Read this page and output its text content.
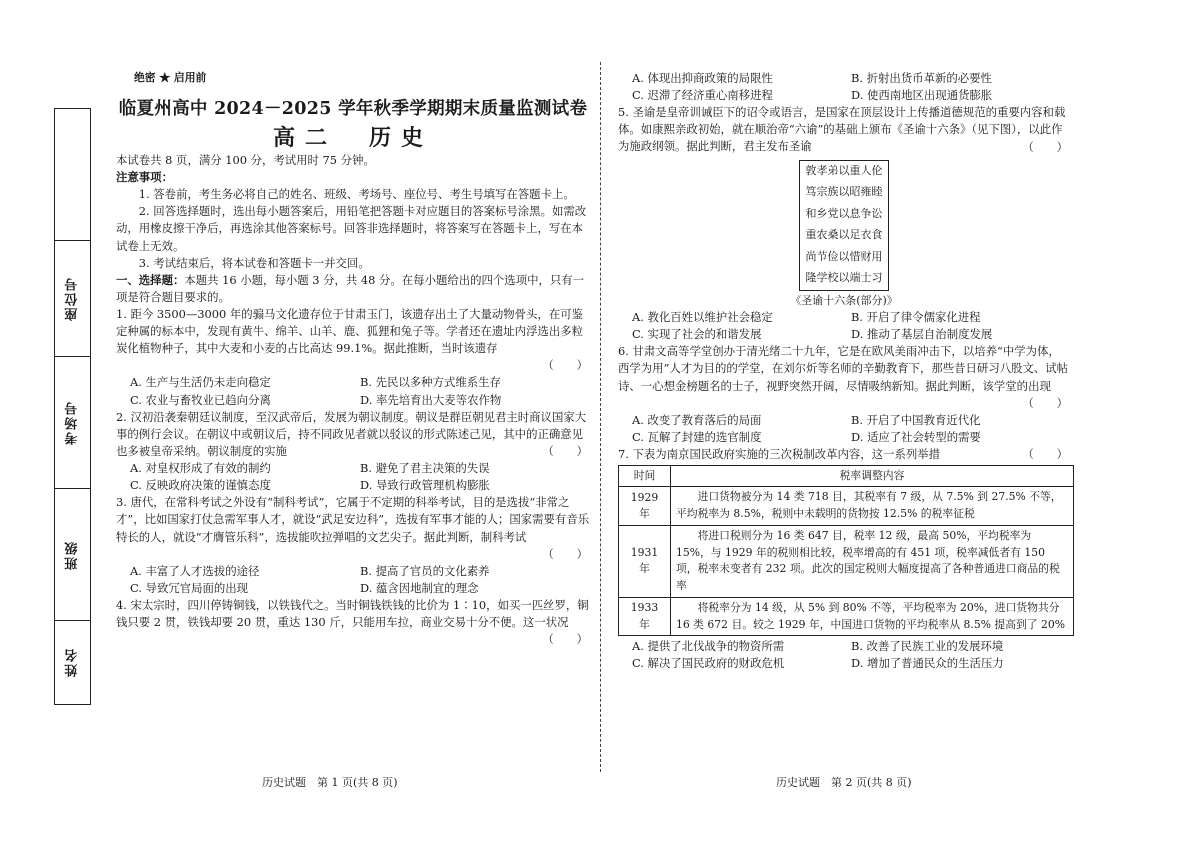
座位号
考场号
班级
姓名
绝密 ★ 启用前
临夏州高中 2024－2025 学年秋季学期期末质量监测试卷
高二　历史

本试卷共 8 页，满分 100 分，考试用时 75 分钟。

注意事项：

1. 答卷前，考生务必将自己的姓名、班级、考场号、座位号、考生号填写在答题卡上。

2. 回答选择题时，选出每小题答案后，用铅笔把答题卡对应题目的答案标号涂黑。如需改动，用橡皮擦干净后，再选涂其他答案标号。回答非选择题时，将答案写在答题卡上，写在本试卷上无效。

3. 考试结束后，将本试卷和答题卡一并交回。

一、选择题：本题共 16 小题，每小题 3 分，共 48 分。在每小题给出的四个选项中，只有一项是符合题目要求的。

1. 距今 3500—3000 年的骟马文化遗存位于甘肃玉门，该遗存出土了大量动物骨头，在可鉴定种属的标本中，发现有黄牛、绵羊、山羊、鹿、狐狸和兔子等。学者还在遗址内浮选出多粒炭化植物种子，其中大麦和小麦的占比高达 99.1%。据此推断，当时该遗存

（　　）
A. 生产与生活仍未走向稳定	B. 先民以多种方式维系生存
C. 农业与畜牧业已趋向分离	D. 率先培育出大麦等农作物

2. 汉初沿袭秦朝廷议制度，至汉武帝后，发展为朝议制度。朝议是群臣朝见君主时商议国家大事的例行会议。在朝议中或朝议后，持不同政见者就以驳议的形式陈述己见，其中的正确意见也多被皇帝采纳。朝议制度的实施	（　　）
A. 对皇权形成了有效的制约	B. 避免了君主决策的失误
C. 反映政府决策的谨慎态度	D. 导致行政管理机构膨胀

3. 唐代，在常科考试之外设有“制科考试”，它属于不定期的科举考试，目的是选拔“非常之才”，比如国家打仗急需军事人才，就设“武足安边科”，选拔有军事才能的人；国家需要有音乐特长的人，就设“才膺管乐科”，选拔能吹拉弹唱的文艺尖子。据此判断，制科考试

（　　）
A. 丰富了人才选拔的途径	B. 提高了官员的文化素养
C. 导致冗官局面的出现	D. 蕴含因地制宜的理念

4. 宋太宗时，四川停铸铜钱，以铁钱代之。当时铜钱铁钱的比价为 1∶10，如买一匹丝罗，铜钱只要 2 贯，铁钱却要 20 贯，重达 130 斤，只能用车拉，商业交易十分不便。这一状况

（　　）
历史试题　第 1 页(共 8 页)
A. 体现出抑商政策的局限性	B. 折射出货币革新的必要性
C. 迟滞了经济重心南移进程	D. 使西南地区出现通货膨胀

5. 圣谕是皇帝训诫臣下的诏令或语言，是国家在顶层设计上传播道德规范的重要内容和载体。如康熙亲政初始，就在顺治帝“六谕”的基础上颁布《圣谕十六条》（见下图），以此作为施政纲领。据此判断，君主发布圣谕	（　　）
敦孝弟以重人伦
笃宗族以昭雍睦
和乡党以息争讼
重农桑以足衣食
尚节俭以惜财用
隆学校以端士习
《圣谕十六条(部分)》
A. 教化百姓以维护社会稳定	B. 开启了律令儒家化进程
C. 实现了社会的和谐发展	D. 推动了基层自治制度发展

6. 甘肃文高等学堂创办于清光绪二十九年，它是在欧风美雨冲击下，以培养“中学为体，西学为用”人才为目的的学堂，在刘尔炘等名师的辛勤教育下，那些昔日研习八股文、试帖诗、一心想金榜题名的士子，视野突然开阔，尽情吸纳新知。据此判断，该学堂的出现

（　　）
A. 改变了教育落后的局面	B. 开启了中国教育近代化
C. 瓦解了封建的选官制度	D. 适应了社会转型的需要

7. 下表为南京国民政府实施的三次税制改革内容，这一系列举措	（　　）
时间	税率调整内容
1929 年	进口货物被分为 14 类 718 目，其税率有 7 级，从 7.5% 到 27.5% 不等，平均税率为 8.5%，税则中未载明的货物按 12.5% 的税率征税
1931 年	将进口税则分为 16 类 647 目，税率 12 级，最高 50%，平均税率为 15%，与 1929 年的税则相比较，税率增高的有 451 项，税率减低者有 150 项，税率未变者有 232 项。此次的国定税则大幅度提高了各种普通进口商品的税率
1933 年	将税率分为 14 级，从 5% 到 80% 不等，平均税率为 20%，进口货物共分 16 类 672 目。较之 1929 年，中国进口货物的平均税率从 8.5% 提高到了 20%
A. 提供了北伐战争的物资所需	B. 改善了民族工业的发展环境
C. 解决了国民政府的财政危机	D. 增加了普通民众的生活压力
历史试题　第 2 页(共 8 页)
